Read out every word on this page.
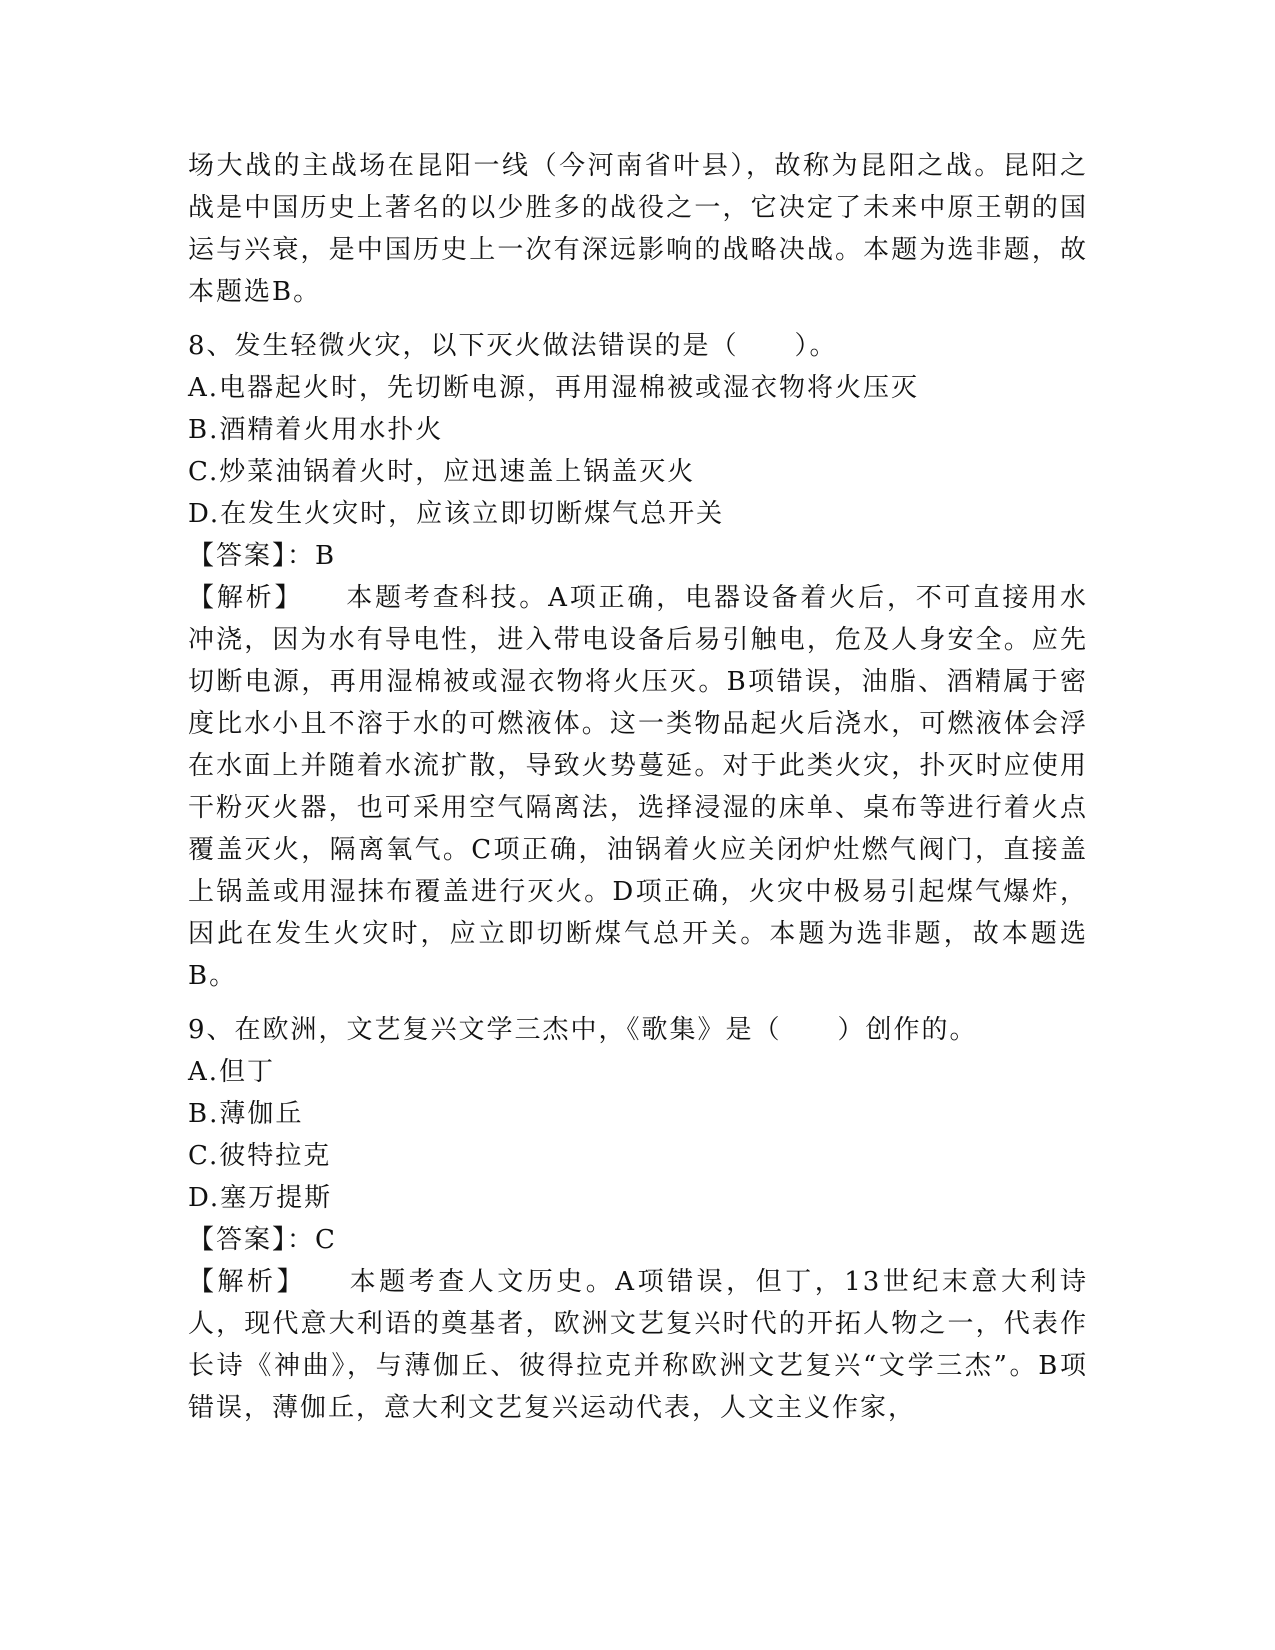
场大战的主战场在昆阳一线（今河南省叶县），故称为昆阳之战。昆阳之战是中国历史上著名的以少胜多的战役之一，它决定了未来中原王朝的国运与兴衰，是中国历史上一次有深远影响的战略决战。本题为选非题，故本题选B。

8、发生轻微火灾，以下灭火做法错误的是（　　）。

A.电器起火时，先切断电源，再用湿棉被或湿衣物将火压灭

B.酒精着火用水扑火

C.炒菜油锅着火时，应迅速盖上锅盖灭火

D.在发生火灾时，应该立即切断煤气总开关

【答案】：B

【解析】 本题考查科技。A项正确，电器设备着火后，不可直接用水冲浇，因为水有导电性，进入带电设备后易引触电，危及人身安全。应先切断电源，再用湿棉被或湿衣物将火压灭。B项错误，油脂、酒精属于密度比水小且不溶于水的可燃液体。这一类物品起火后浇水，可燃液体会浮在水面上并随着水流扩散，导致火势蔓延。对于此类火灾，扑灭时应使用干粉灭火器，也可采用空气隔离法，选择浸湿的床单、桌布等进行着火点覆盖灭火，隔离氧气。C项正确，油锅着火应关闭炉灶燃气阀门，直接盖上锅盖或用湿抹布覆盖进行灭火。D项正确，火灾中极易引起煤气爆炸，因此在发生火灾时，应立即切断煤气总开关。本题为选非题，故本题选B。

9、在欧洲，文艺复兴文学三杰中，《歌集》是（　　）创作的。

A.但丁

B.薄伽丘

C.彼特拉克

D.塞万提斯

【答案】：C

【解析】 本题考查人文历史。A项错误，但丁，13世纪末意大利诗人，现代意大利语的奠基者，欧洲文艺复兴时代的开拓人物之一，代表作长诗《神曲》，与薄伽丘、彼得拉克并称欧洲文艺复兴“文学三杰”。B项错误，薄伽丘，意大利文艺复兴运动代表，人文主义作家，
